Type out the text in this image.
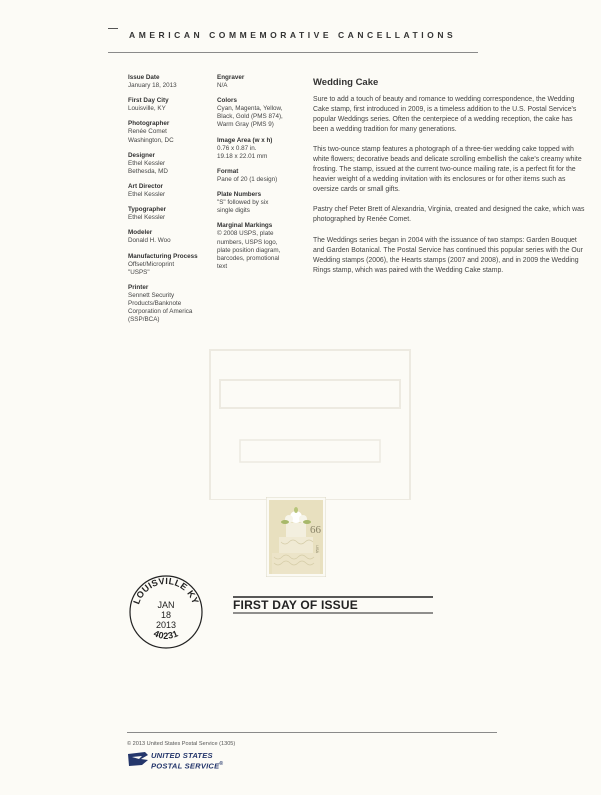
AMERICAN COMMEMORATIVE CANCELLATIONS
Issue Date
January 18, 2013
First Day City
Louisville, KY
Photographer
Renée Comet
Washington, DC
Designer
Ethel Kessler
Bethesda, MD
Art Director
Ethel Kessler
Typographer
Ethel Kessler
Modeler
Donald H. Woo
Manufacturing Process
Offset/Microprint
"USPS"
Printer
Sennett Security
Products/Banknote
Corporation of America
(SSP/BCA)
Engraver
N/A
Colors
Cyan, Magenta, Yellow,
Black, Gold (PMS 874),
Warm Gray (PMS 9)
Image Area (w x h)
0.76 x 0.87 in.
19.18 x 22.01 mm
Format
Pane of 20 (1 design)
Plate Numbers
"S" followed by six
single digits
Marginal Markings
© 2008 USPS, plate
numbers, USPS logo,
plate position diagram,
barcodes, promotional
text
Wedding Cake

Sure to add a touch of beauty and romance to wedding correspondence, the Wedding Cake stamp, first introduced in 2009, is a timeless addition to the U.S. Postal Service's popular Weddings series. Often the centerpiece of a wedding reception, the cake has been a wedding tradition for many generations.

This two-ounce stamp features a photograph of a three-tier wedding cake topped with white flowers; decorative beads and delicate scrolling embellish the cake's creamy white frosting. The stamp, issued at the current two-ounce mailing rate, is a perfect fit for the heavier weight of a wedding invitation with its enclosures or for other items such as oversize cards or small gifts.

Pastry chef Peter Brett of Alexandria, Virginia, created and designed the cake, which was photographed by Renée Comet.

The Weddings series began in 2004 with the issuance of two stamps: Garden Bouquet and Garden Botanical. The Postal Service has continued this popular series with the Our Wedding stamps (2006), the Hearts stamps (2007 and 2008), and in 2009 the Wedding Rings stamp, which was paired with the Wedding Cake stamp.

66
USA
FIRST DAY OF ISSUE
LOUISVILLE KY
JAN
18
2013
40231
© 2013 United States Postal Service (1305)
UNITED STATES
POSTAL SERVICE®
